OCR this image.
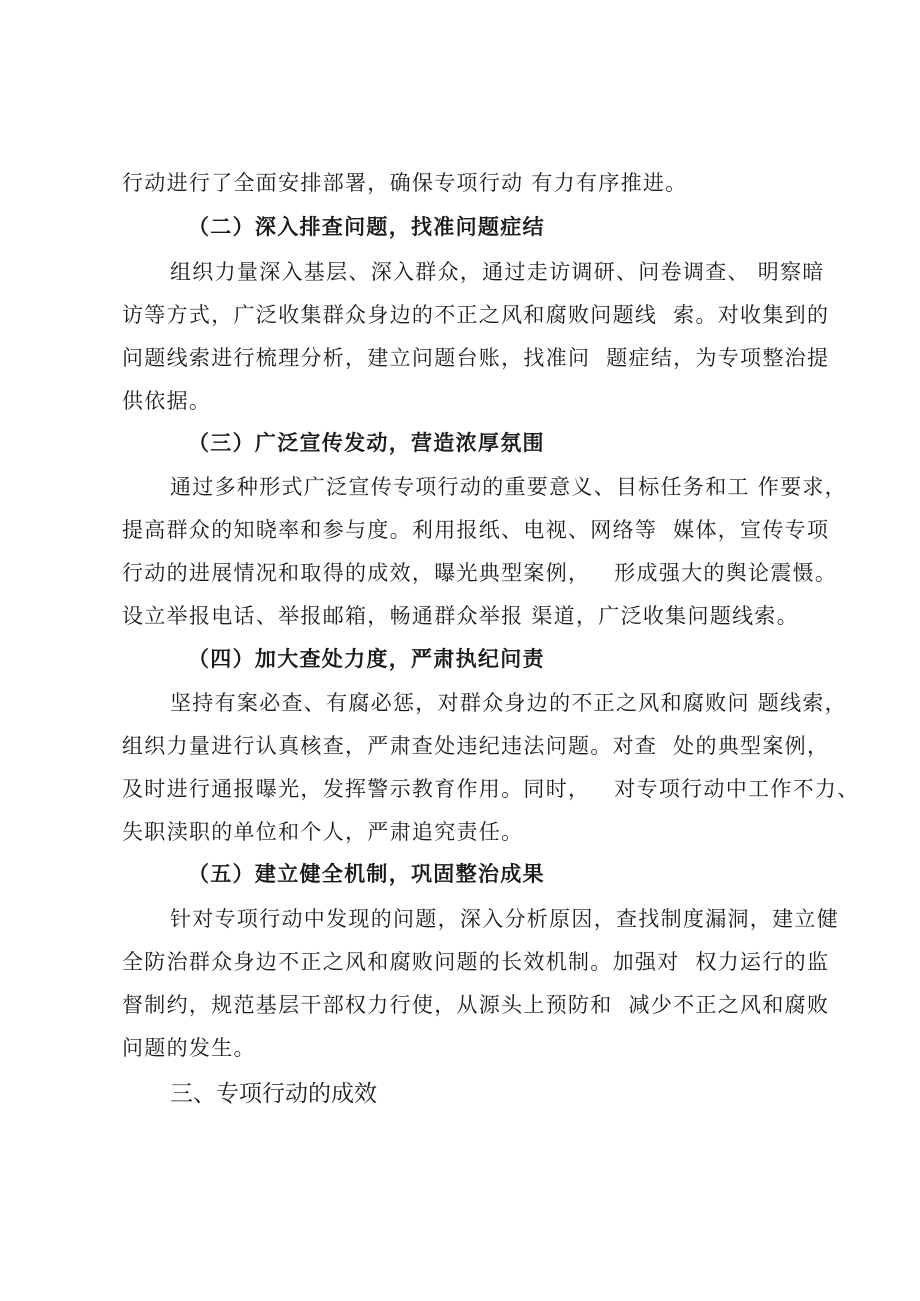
行动进行了全面安排部署，确保专项行动 有力有序推进。
（二）深入排查问题，找准问题症结
组织力量深入基层、深入群众，通过走访调研、问卷调查、 明察暗
访等方式，广泛收集群众身边的不正之风和腐败问题线  索。对收集到的
问题线索进行梳理分析，建立问题台账，找准问  题症结，为专项整治提
供依据。
（三）广泛宣传发动，营造浓厚氛围
通过多种形式广泛宣传专项行动的重要意义、目标任务和工 作要求，
提高群众的知晓率和参与度。利用报纸、电视、网络等  媒体，宣传专项
行动的进展情况和取得的成效，曝光典型案例，   形成强大的舆论震慑。
设立举报电话、举报邮箱，畅通群众举报 渠道，广泛收集问题线索。
（四）加大查处力度，严肃执纪问责
坚持有案必查、有腐必惩，对群众身边的不正之风和腐败问 题线索，
组织力量进行认真核查，严肃查处违纪违法问题。对查  处的典型案例，
及时进行通报曝光，发挥警示教育作用。同时，   对专项行动中工作不力、
失职渎职的单位和个人，严肃追究责任。
（五）建立健全机制，巩固整治成果
针对专项行动中发现的问题，深入分析原因，查找制度漏洞，建立健
全防治群众身边不正之风和腐败问题的长效机制。加强对  权力运行的监
督制约，规范基层干部权力行使，从源头上预防和  减少不正之风和腐败
问题的发生。
三、专项行动的成效
